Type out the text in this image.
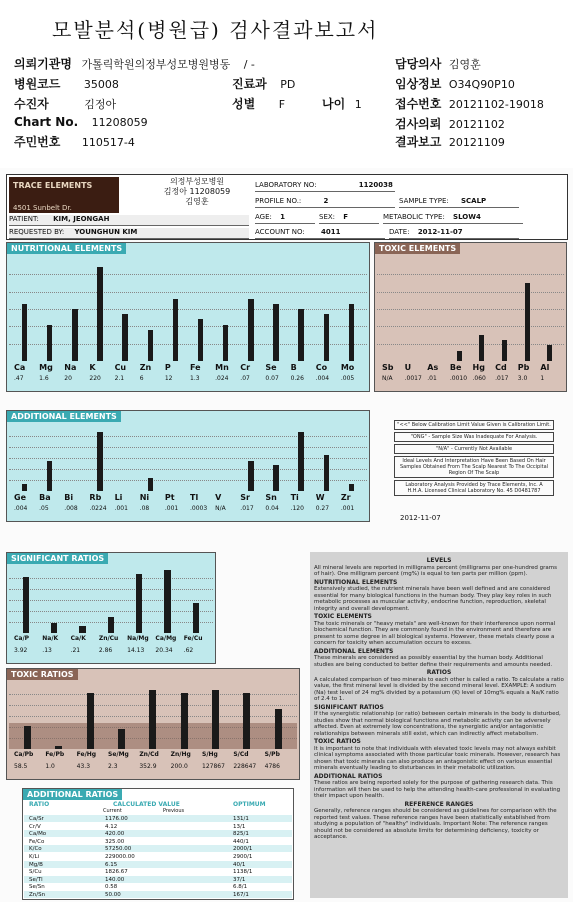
모발분석(병원급) 검사결과보고서
의뢰기관명 가톨릭학원의정부성모병원병동 / -	담당의사 김영훈
병원코드 35008	진료과 PD	임상정보 O34Q90P10
수진자	김정아	성별 F	나이 1	접수번호 20121102-19018
Chart No. 11208059	검사의뢰 20121102
주민번호 110517-4	결과보고 20121109
TRACE ELEMENTS
4501 Sunbelt Dr.
의정부성모병원
김정아 11208059
김영훈
LABORATORY NO:	1120038
PROFILE NO.:	2	SAMPLE TYPE: SCALP
PATIENT: KIM, JEONGAH	AGE: 1	SEX: F	METABOLIC TYPE: SLOW4
REQUESTED BY: YOUNGHUN KIM	ACCOUNT NO: 4011	DATE: 2012-11-07
NUTRITIONAL ELEMENTS
Ca
.47
Mg
1.6
Na
20
K
220
Cu
2.1
Zn
6
P
12
Fe
1.3
Mn
.024
Cr
.07
Se
0.07
B
0.26
Co
.004
Mo
.005
TOXIC ELEMENTS
Sb
N/A
U
.0017
As
.01
Be
.0010
Hg
.060
Cd
.017
Pb
3.0
Al
1
ADDITIONAL ELEMENTS
Ge
.004
Ba
.05
Bi
.008
Rb
.0224
Li
.001
Ni
.08
Pt
.001
Tl
.0003
V
N/A
Sr
.017
Sn
0.04
Ti
.120
W
0.27
Zr
.001
"<<" Below Calibration Limit Value Given is Calibration Limit.
"ONG" - Sample Size Was Inadequate For Analysis.
"N/A" - Currently Not Available
Ideal Levels And Interpretation Have Been Based On Hair Samples Obtained From The Scalp Nearest To The Occipital Region Of The Scalp
Laboratory Analysis Provided by Trace Elements, Inc. A H.H.A. Licensed Clinical Laboratory No. 45 D0481787
2012-11-07
SIGNIFICANT RATIOS
Ca/P
3.92
Na/K
.13
Ca/K
.21
Zn/Cu
2.86
Na/Mg
14.13
Ca/Mg
20.34
Fe/Cu
.62
TOXIC RATIOS
Ca/Pb
58.5
Fe/Pb
1.0
Fe/Hg
43.3
Se/Mg
2.3
Zn/Cd
352.9
Zn/Hg
200.0
S/Hg
127867
S/Cd
228647
S/Pb
4786
ADDITIONAL RATIOS
RATIO	CALCULATED VALUE	OPTIMUM
Current	Previous
Ca/Sr	1176.00	131/1
Cr/V	4.12	13/1
Ca/Mo	420.00	825/1
Fe/Co	325.00	440/1
K/Co	57250.00	2000/1
K/Li	229000.00	2900/1
Mg/B	6.15	40/1
S/Cu	1826.67	1138/1
Se/Tl	140.00	37/1
Se/Sn	0.58	6.8/1
Zn/Sn	50.00	167/1
LEVELS
All mineral levels are reported in milligrams percent (milligrams per one-hundred grams of hair). One milligram percent (mg%) is equal to ten parts per million (ppm).
NUTRITIONAL ELEMENTS
Extensively studied, the nutrient minerals have been well defined and are considered essential for many biological functions in the human body. They play key roles in such metabolic processes as muscular activity, endocrine function, reproduction, skeletal integrity and overall development.
TOXIC ELEMENTS
The toxic minerals or "heavy metals" are well-known for their interference upon normal biochemical function. They are commonly found in the environment and therefore are present to some degree in all biological systems. However, these metals clearly pose a concern for toxicity when accumulation occurs to excess.
ADDITIONAL ELEMENTS
These minerals are considered as possibly essential by the human body. Additional studies are being conducted to better define their requirements and amounts needed.
RATIOS
A calculated comparison of two minerals to each other is called a ratio. To calculate a ratio value, the first mineral level is divided by the second mineral level. EXAMPLE: A sodium (Na) test level of 24 mg% divided by a potassium (K) level of 10mg% equals a Na/K ratio of 2.4 to 1.
SIGNIFICANT RATIOS
If the synergistic relationship (or ratio) between certain minerals in the body is disturbed, studies show that normal biological functions and metabolic activity can be adversely affected. Even at extremely low concentrations, the synergistic and/or antagonistic relationships between minerals still exist, which can indirectly affect metabolism.
TOXIC RATIOS
It is important to note that individuals with elevated toxic levels may not always exhibit clinical symptoms associated with those particular toxic minerals. However, research has shown that toxic minerals can also produce an antagonistic effect on various essential minerals eventually leading to disturbances in their metabolic utilization.
ADDITIONAL RATIOS
These ratios are being reported solely for the purpose of gathering research data. This information will then be used to help the attending health-care professional in evaluating their impact upon health.
REFERENCE RANGES
Generally, reference ranges should be considered as guidelines for comparison with the reported test values. These reference ranges have been statistically established from studying a population of "healthy" individuals. Important Note: The reference ranges should not be considered as absolute limits for determining deficiency, toxicity or acceptance.
